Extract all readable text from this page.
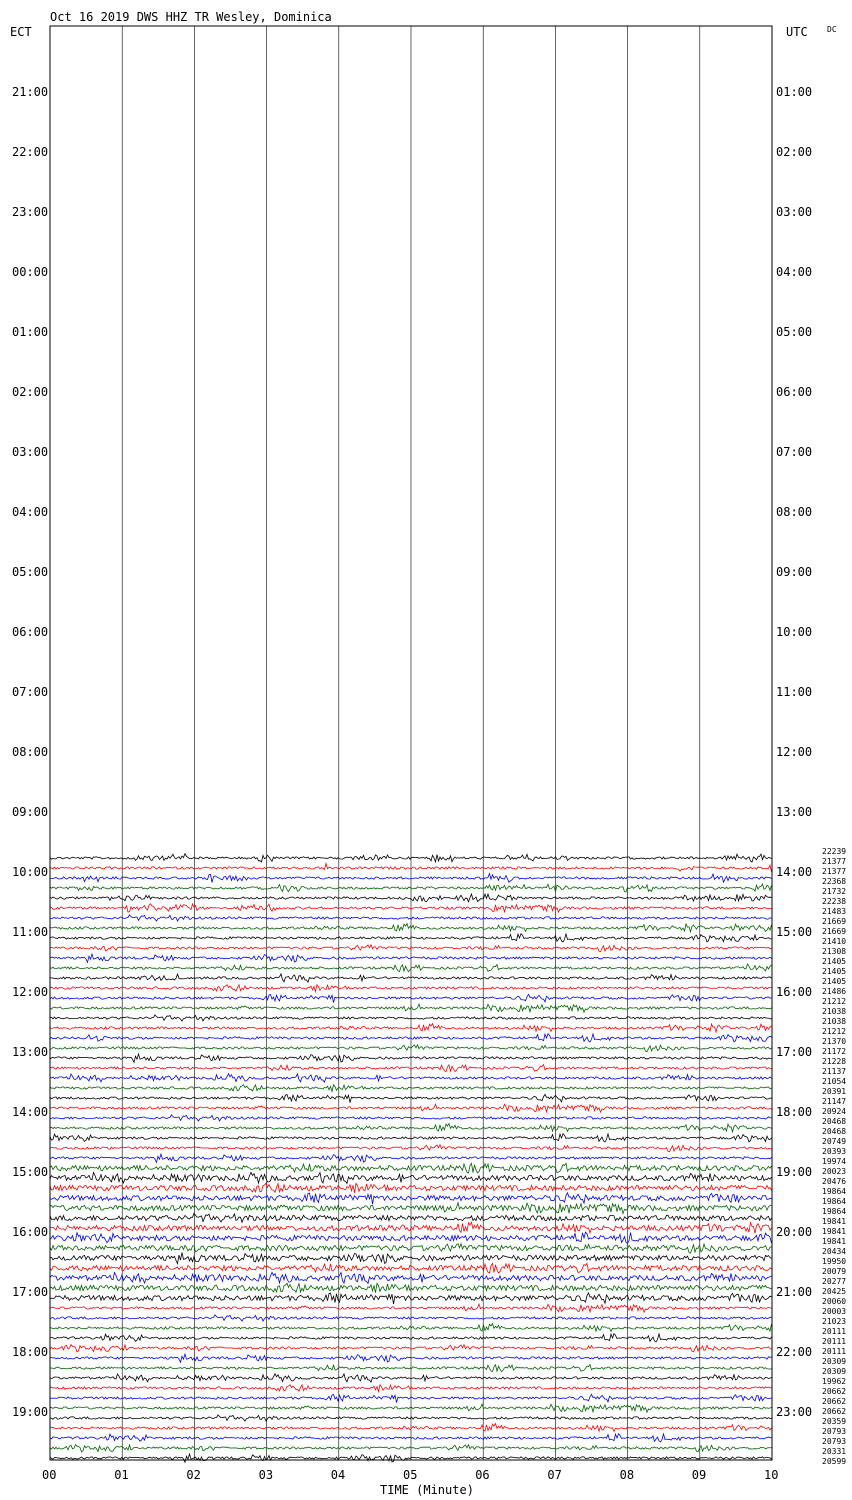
Oct 16 2019 DWS HHZ TR Wesley, Dominica
ECT	UTC DC
TIME (Minute)
21:00
22:00
23:00
00:00
01:00
02:00
03:00
04:00
05:00
06:00
07:00
08:00
09:00
10:00
11:00
12:00
13:00
14:00
15:00
16:00
17:00
18:00
19:00
01:00
02:00
03:00
04:00
05:00
06:00
07:00
08:00
09:00
10:00
11:00
12:00
13:00
14:00
15:00
16:00
17:00
18:00
19:00
20:00
21:00
22:00
23:00
00	01	02	03	04	05	06	07	08	09	10
22239
21377
21377
22368
21732
22238
21483
21669
21669
21410
21308
21405
21405
21405
21486
21212
21038
21038
21212
21370
21172
21228
21137
21054
20391
21147
20924
20468
20468
20749
20393
19974
20023
20476
19864
19864
19864
19841
19841
19841
20434
19950
20079
20277
20425
20060
20003
21023
20111
20111
20111
20309
20309
19962
20662
20662
20662
20359
20793
20793
20331
20599
